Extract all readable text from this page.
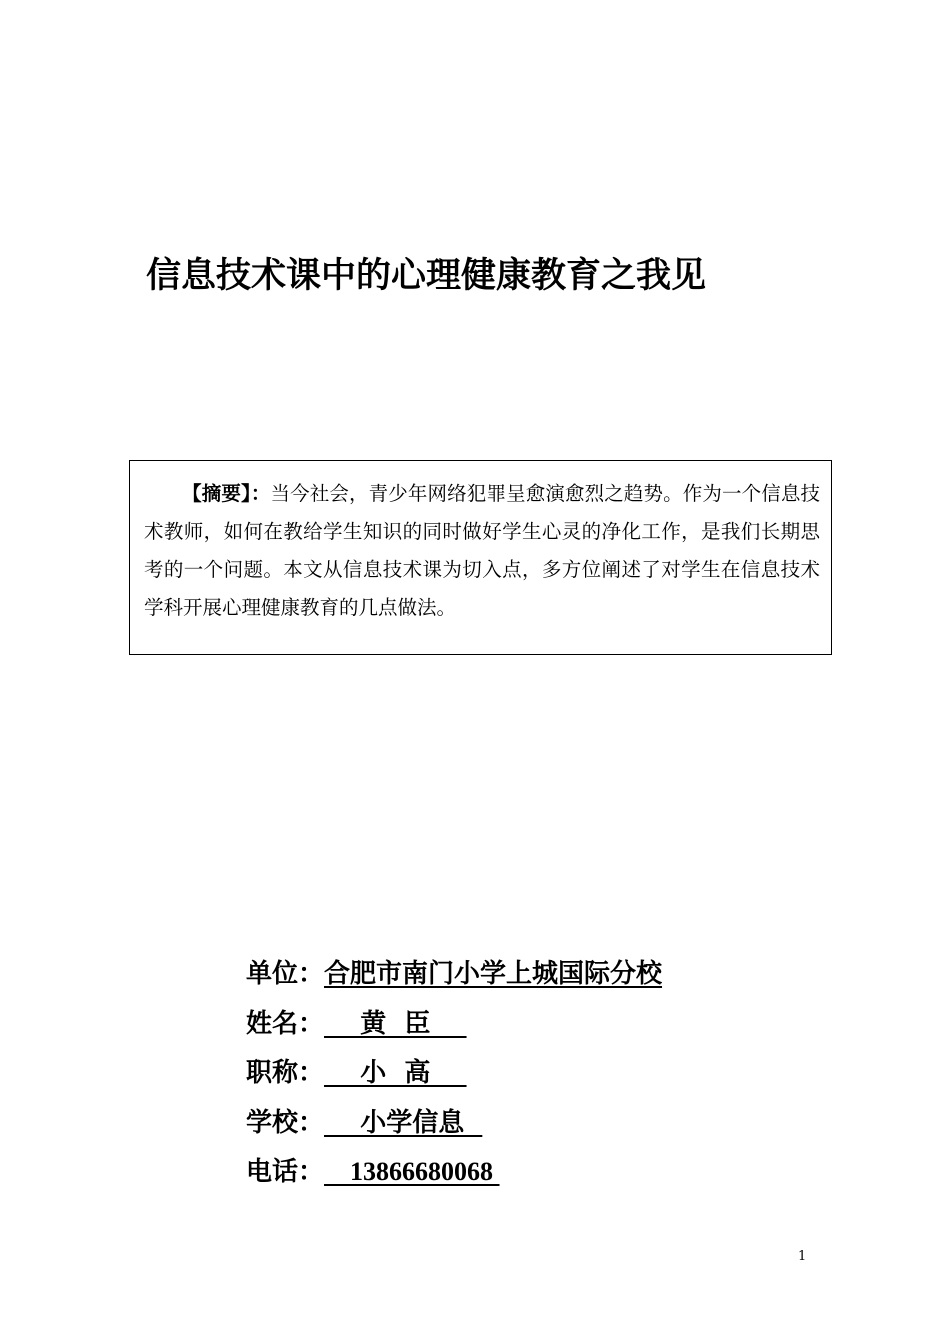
信息技术课中的心理健康教育之我见
【摘要】：当今社会，青少年网络犯罪呈愈演愈烈之趋势。作为一个信息技术教师，如何在教给学生知识的同时做好学生心灵的净化工作，是我们长期思考的一个问题。本文从信息技术课为切入点，多方位阐述了对学生在信息技术学科开展心理健康教育的几点做法。
单位：合肥市南门小学上城国际分校
姓名：    黄  臣
职称：    小  高
学校：    小学信息
电话：    13866680068
1
